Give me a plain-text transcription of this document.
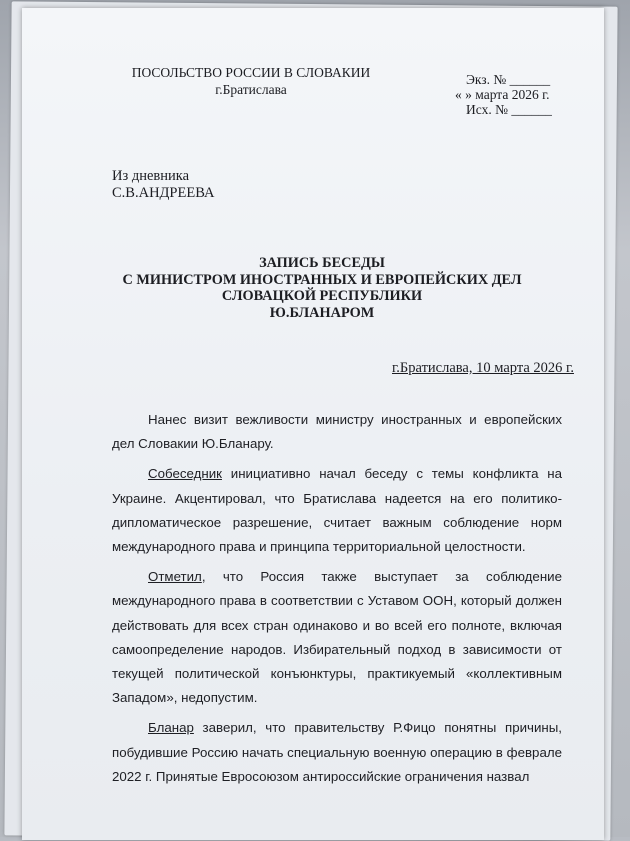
ПОСОЛЬСТВО РОССИИ В СЛОВАКИИ
г.Братислава
Экз. № ______
« » марта 2026 г.
Исх. № ______
Из дневника
С.В.АНДРЕЕВА
ЗАПИСЬ БЕСЕДЫ
С МИНИСТРОМ ИНОСТРАННЫХ И ЕВРОПЕЙСКИХ ДЕЛ
СЛОВАЦКОЙ РЕСПУБЛИКИ
Ю.БЛАНАРОМ
г.Братислава, 10 марта 2026 г.

Нанес визит вежливости министру иностранных и европейских дел Словакии Ю.Бланару.

Собеседник инициативно начал беседу с темы конфликта на Украине. Акцентировал, что Братислава надеется на его политико-дипломатическое разрешение, считает важным соблюдение норм международного права и принципа территориальной целостности.

Отметил, что Россия также выступает за соблюдение международного права в соответствии с Уставом ООН, который должен действовать для всех стран одинаково и во всей его полноте, включая самоопределение народов. Избирательный подход в зависимости от текущей политической конъюнктуры, практикуемый «коллективным Западом», недопустим.

Бланар заверил, что правительству Р.Фицо понятны причины, побудившие Россию начать специальную военную операцию в феврале 2022 г. Принятые Евросоюзом антироссийские ограничения назвал
